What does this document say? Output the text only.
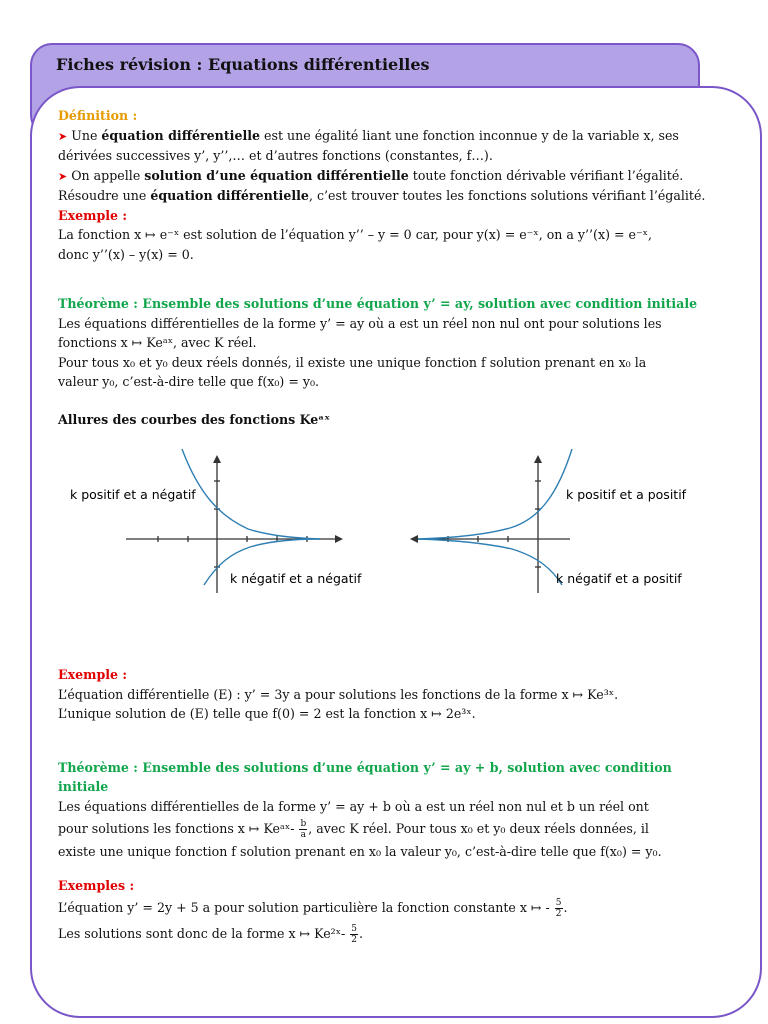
Fiches révision : Equations différentielles

Définition :

➤ Une équation différentielle est une égalité liant une fonction inconnue y de la variable x, ses

dérivées successives y’, y’’,… et d’autres fonctions (constantes, f…).

➤ On appelle solution d’une équation différentielle toute fonction dérivable vérifiant l’égalité.

Résoudre une équation différentielle, c’est trouver toutes les fonctions solutions vérifiant l’égalité.

Exemple :

La fonction x ↦ e⁻ˣ est solution de l’équation y’’ – y = 0 car, pour y(x) = e⁻ˣ, on a y’’(x) = e⁻ˣ,

donc y’’(x) – y(x) = 0.

Théorème : Ensemble des solutions d’une équation y’ = ay, solution avec condition initiale

Les équations différentielles de la forme y’ = ay où a est un réel non nul ont pour solutions les

fonctions x ↦ Keᵃˣ, avec K réel.

Pour tous x₀ et y₀ deux réels donnés, il existe une unique fonction f solution prenant en x₀ la

valeur y₀, c’est-à-dire telle que f(x₀) = y₀.

Allures des courbes des fonctions Keᵃˣ

k positif et a négatif
k négatif et a négatif
k positif et a positif
k négatif et a positif

Exemple :

L’équation différentielle (E) : y’ = 3y a pour solutions les fonctions de la forme x ↦ Ke³ˣ.

L’unique solution de (E) telle que f(0) = 2 est la fonction x ↦ 2e³ˣ.

Théorème : Ensemble des solutions d’une équation y’ = ay + b, solution avec condition initiale

Les équations différentielles de la forme y’ = ay + b où a est un réel non nul et b un réel ont

pour solutions les fonctions x ↦ Keᵃˣ- $\frac{b}{a}$ , avec K réel. Pour tous x₀ et y₀ deux réels données, il

existe une unique fonction f solution prenant en x₀ la valeur y₀, c’est-à-dire telle que f(x₀) = y₀.

Exemples :

L’équation y’ = 2y + 5 a pour solution particulière la fonction constante x ↦ - $\frac{5}{2}$ .

Les solutions sont donc de la forme x ↦ Ke²ˣ- $\frac{5}{2}$ .
